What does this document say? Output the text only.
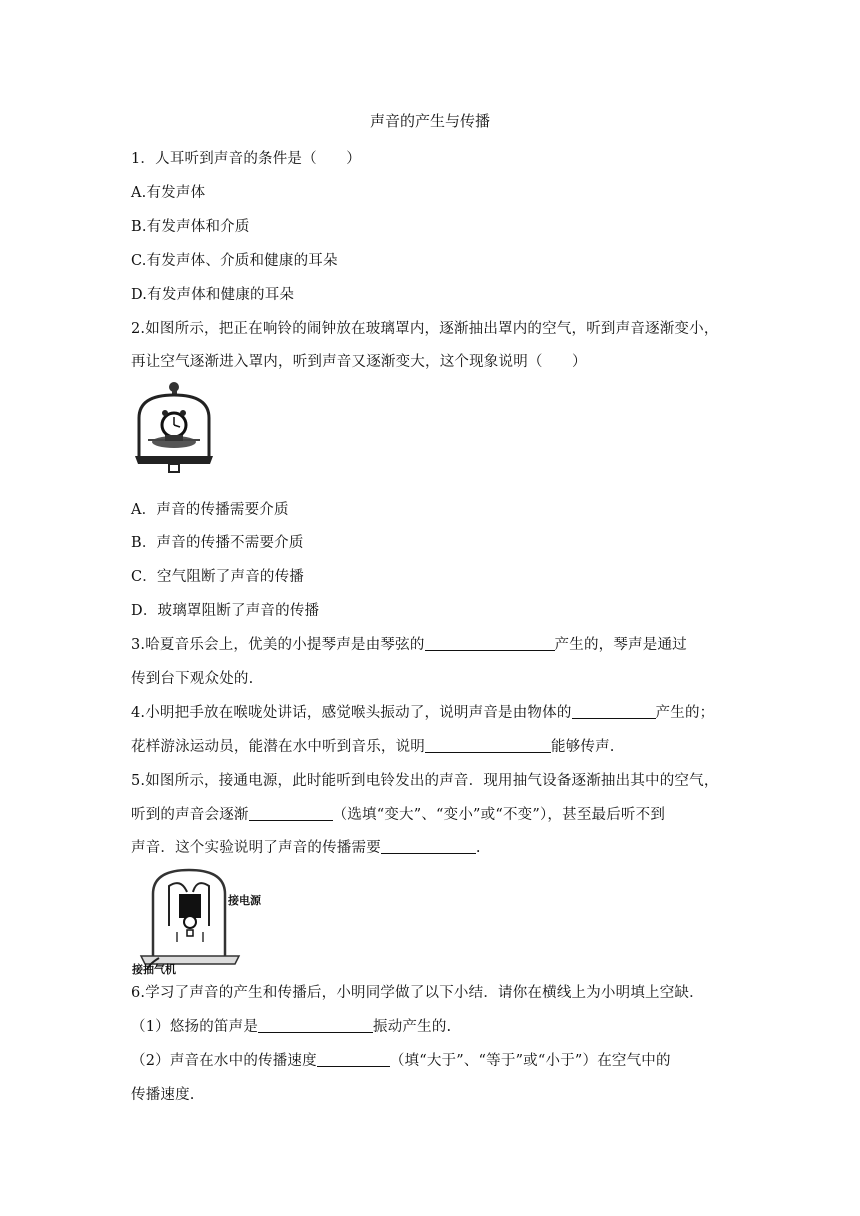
声音的产生与传播
1．人耳听到声音的条件是（　　）
A.有发声体
B.有发声体和介质
C.有发声体、介质和健康的耳朵
D.有发声体和健康的耳朵
2.如图所示，把正在响铃的闹钟放在玻璃罩内，逐渐抽出罩内的空气，听到声音逐渐变小，
再让空气逐渐进入罩内，听到声音又逐渐变大，这个现象说明（　　）
A．声音的传播需要介质
B．声音的传播不需要介质
C．空气阻断了声音的传播
D．玻璃罩阻断了声音的传播
3.哈夏音乐会上，优美的小提琴声是由琴弦的	产生的，琴声是通过
传到台下观众处的.
4.小明把手放在喉咙处讲话，感觉喉头振动了，说明声音是由物体的	产生的；
花样游泳运动员，能潜在水中听到音乐，说明	能够传声.
5.如图所示，接通电源，此时能听到电铃发出的声音．现用抽气设备逐渐抽出其中的空气，
听到的声音会逐渐	（选填“变大”、“变小”或“不变”），甚至最后听不到
声音．这个实验说明了声音的传播需要	.
接电源
接抽气机
6.学习了声音的产生和传播后，小明同学做了以下小结．请你在横线上为小明填上空缺．
（1）悠扬的笛声是	振动产生的.
（2）声音在水中的传播速度	（填“大于”、“等于”或“小于”）在空气中的
传播速度.
